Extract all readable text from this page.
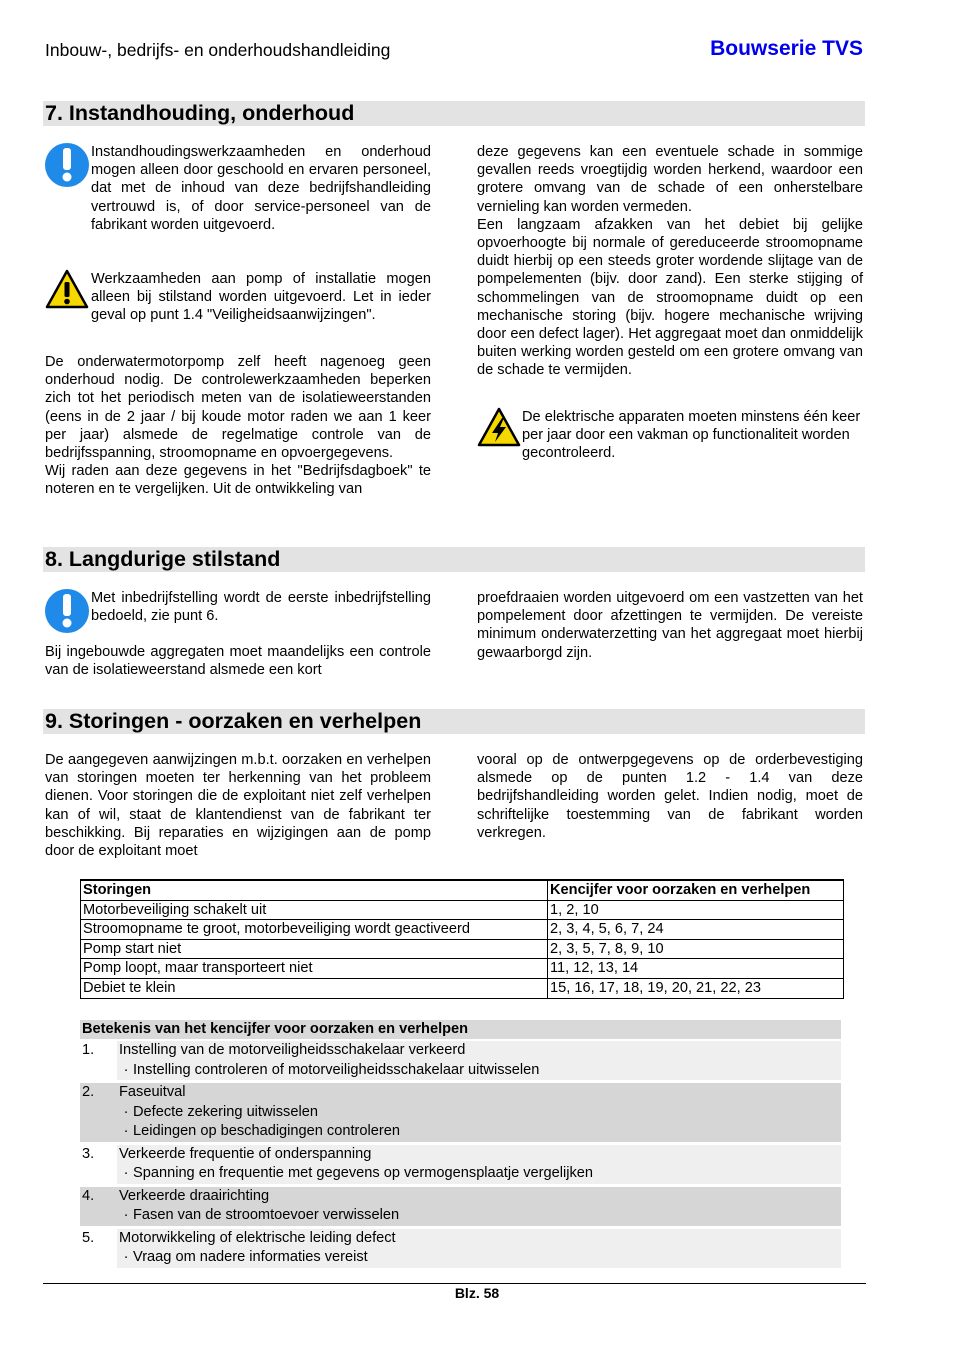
Inbouw-, bedrijfs- en onderhoudshandleiding	Bouwserie TVS
7. Instandhouding, onderhoud

Instandhoudingswerkzaamheden en onderhoud mogen alleen door geschoold en ervaren personeel, dat met de inhoud van deze bedrijfshandleiding vertrouwd is, of door service-personeel van de fabrikant worden uitgevoerd.

Werkzaamheden aan pomp of installatie mogen alleen bij stilstand worden uitgevoerd. Let in ieder geval op punt 1.4 "Veiligheidsaanwijzingen".

De onderwatermotorpomp zelf heeft nagenoeg geen onderhoud nodig. De controlewerkzaamheden beperken zich tot het periodisch meten van de isolatieweerstanden (eens in de 2 jaar / bij koude motor raden we aan 1 keer per jaar) alsmede de regelmatige controle van de bedrijfsspanning, stroomopname en opvoergegevens.

Wij raden aan deze gegevens in het "Bedrijfsdagboek" te noteren en te vergelijken. Uit de ontwikkeling van

deze gegevens kan een eventuele schade in sommige gevallen reeds vroegtijdig worden herkend, waardoor een grotere omvang van de schade of een onherstelbare vernieling kan worden vermeden.

Een langzaam afzakken van het debiet bij gelijke opvoerhoogte bij normale of gereduceerde stroomopname duidt hierbij op een steeds groter wordende slijtage van de pompelementen (bijv. door zand). Een sterke stijging of schommelingen van de stroomopname duidt op een mechanische storing (bijv. hogere mechanische wrijving door een defect lager). Het aggregaat moet dan onmiddelijk buiten werking worden gesteld om een grotere omvang van de schade te vermijden.

De elektrische apparaten moeten minstens één keer per jaar door een vakman op functionaliteit worden gecontroleerd.

8. Langdurige stilstand

Met inbedrijfstelling wordt de eerste inbedrijfstelling bedoeld, zie punt 6.

Bij ingebouwde aggregaten moet maandelijks een controle van de isolatieweerstand alsmede een kort

proefdraaien worden uitgevoerd om een vastzetten van het pompelement door afzettingen te vermijden. De vereiste minimum onderwaterzetting van het aggregaat moet hierbij gewaarborgd zijn.

9. Storingen - oorzaken en verhelpen

De aangegeven aanwijzingen m.b.t. oorzaken en verhelpen van storingen moeten ter herkenning van het probleem dienen. Voor storingen die de exploitant niet zelf verhelpen kan of wil, staat de klantendienst van de fabrikant ter beschikking. Bij reparaties en wijzigingen aan de pomp door de exploitant moet

vooral op de ontwerpgegevens op de orderbevestiging alsmede op de punten 1.2 - 1.4 van deze bedrijfshandleiding worden gelet. Indien nodig, moet de schriftelijke toestemming van de fabrikant worden verkregen.

Storingen	Kencijfer voor oorzaken en verhelpen
Motorbeveiliging schakelt uit	1, 2, 10
Stroomopname te groot, motorbeveiliging wordt geactiveerd	2, 3, 4, 5, 6, 7, 24
Pomp start niet	2, 3, 5, 7, 8, 9, 10
Pomp loopt, maar transporteert niet	11, 12, 13, 14
Debiet te klein	15, 16, 17, 18, 19, 20, 21, 22, 23
Betekenis van het kencijfer voor oorzaken en verhelpen
1.	Instelling van de motorveiligheidsschakelaar verkeerd
· Instelling controleren of motorveiligheidsschakelaar uitwisselen
2.	Faseuitval
· Defecte zekering uitwisselen
· Leidingen op beschadigingen controleren
3.	Verkeerde frequentie of onderspanning
· Spanning en frequentie met gegevens op vermogensplaatje vergelijken
4.	Verkeerde draairichting
· Fasen van de stroomtoevoer verwisselen
5.	Motorwikkeling of elektrische leiding defect
· Vraag om nadere informaties vereist
Blz. 58
